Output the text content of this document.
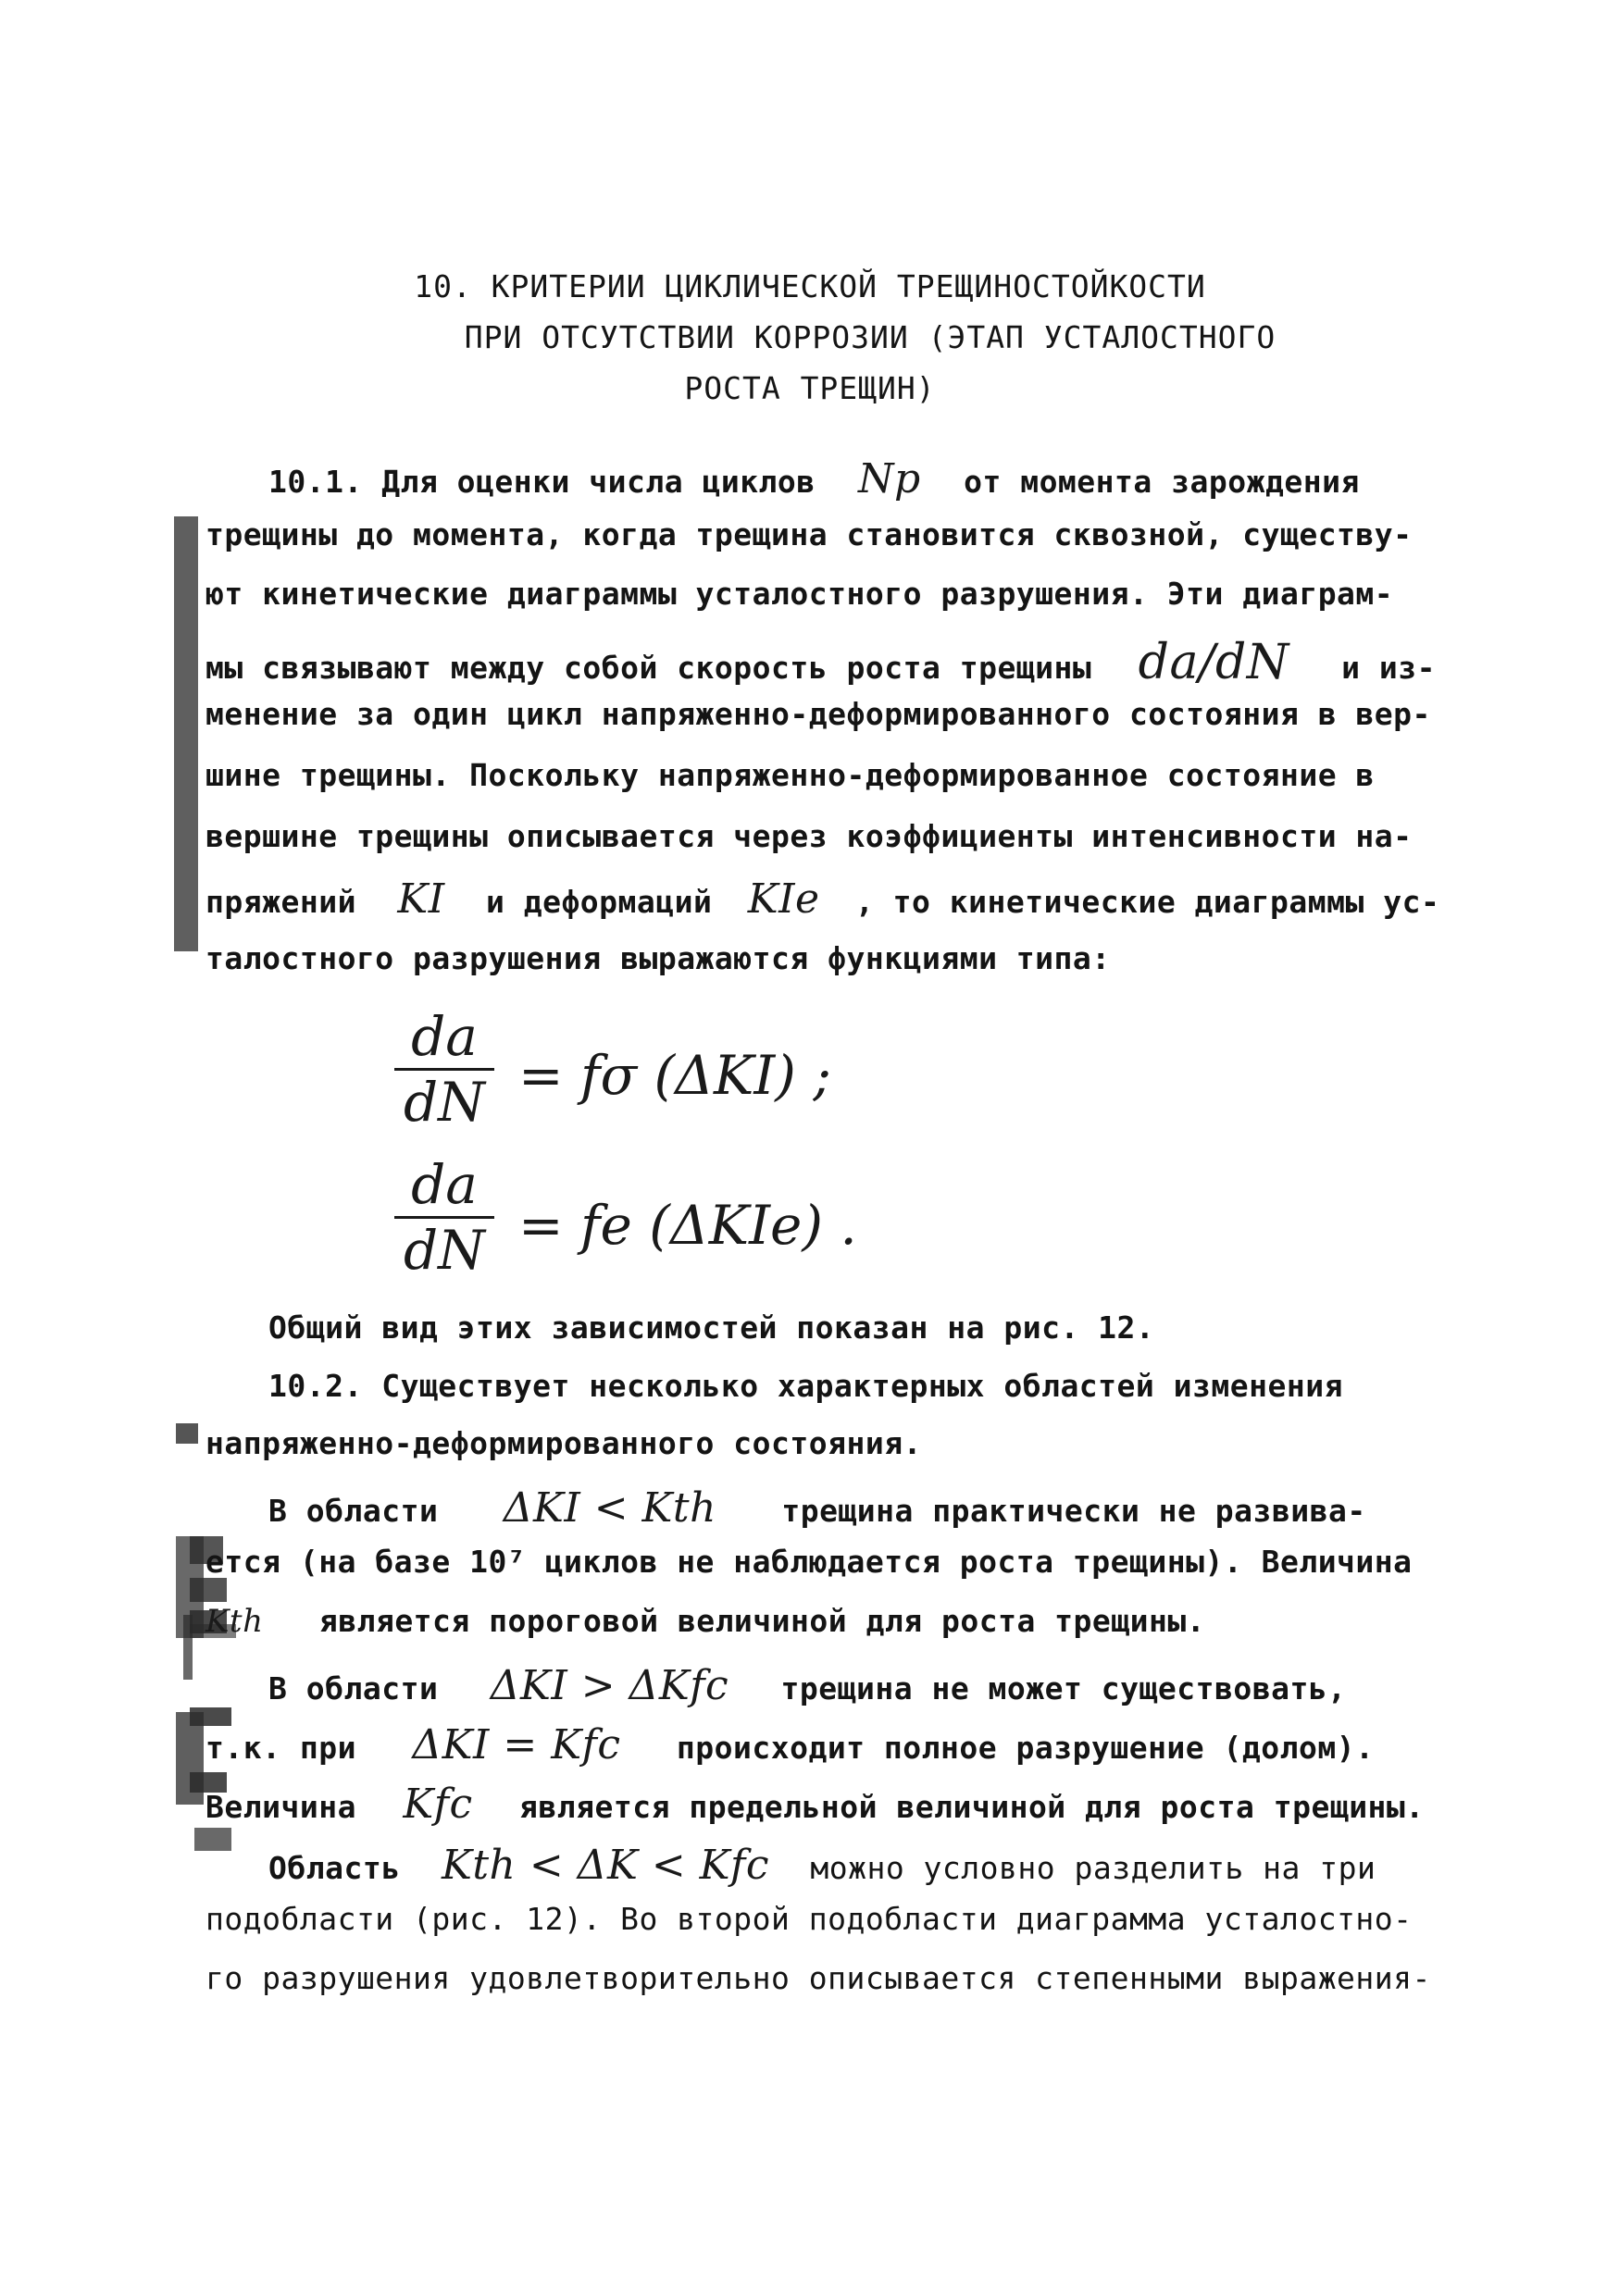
10. КРИТЕРИИ ЦИКЛИЧЕСКОЙ ТРЕЩИНОСТОЙКОСТИ
ПРИ ОТСУТСТВИИ КОРРОЗИИ (ЭТАП УСТАЛОСТНОГО
РОСТА ТРЕЩИН)
10.1. Для оценки числа циклов Np от момента зарождения
трещины до момента, когда трещина становится сквозной, существу-
ют кинетические диаграммы усталостного разрушения. Эти диаграм-
мы связывают между собой скорость роста трещины da/dN и из-
менение за один цикл напряженно-деформированного состояния в вер-
шине трещины. Поскольку напряженно-деформированное состояние в
вершине трещины описывается через коэффициенты интенсивности на-
пряжений KI и деформаций KIe , то кинетические диаграммы ус-
талостного разрушения выражаются функциями типа:
da
dN = fσ (ΔKI) ;
da
dN = fe (ΔKIe) .
Общий вид этих зависимостей показан на рис. 12.
10.2. Существует несколько характерных областей изменения
напряженно-деформированного состояния.
В области ΔKI < Kth трещина практически не развива-
ется (на базе 10⁷ циклов не наблюдается роста трещины). Величина
Kth является пороговой величиной для роста трещины.
В области ΔKI > ΔKfc трещина не может существовать,
т.к. при ΔKI = Kfc происходит полное разрушение (долом).
Величина Kfc является предельной величиной для роста трещины.
Область Kth < ΔK < Kfc можно условно разделить на три
подобласти (рис. 12). Во второй подобласти диаграмма усталостно-
го разрушения удовлетворительно описывается степенными выражения-
